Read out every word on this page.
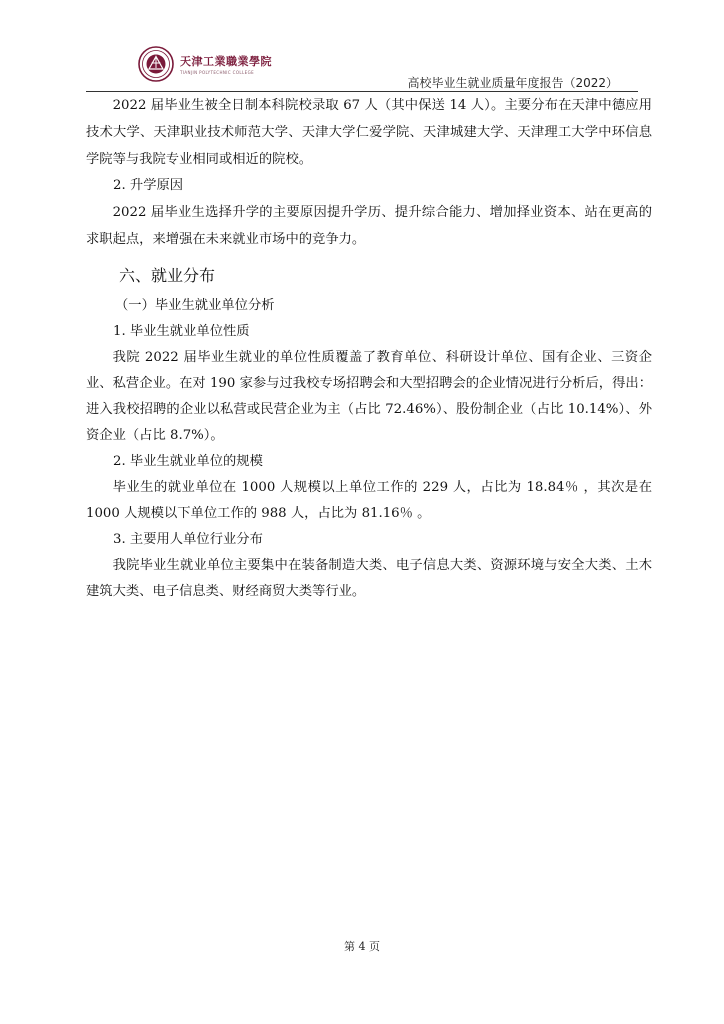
天津工業職業學院
TIANJIN POLYTECHNIC COLLEGE
高校毕业生就业质量年度报告（2022）

2022 届毕业生被全日制本科院校录取 67 人（其中保送 14 人）。主要分布在天津中德应用技术大学、天津职业技术师范大学、天津大学仁爱学院、天津城建大学、天津理工大学中环信息学院等与我院专业相同或相近的院校。

2. 升学原因

2022 届毕业生选择升学的主要原因提升学历、提升综合能力、增加择业资本、站在更高的求职起点，来增强在未来就业市场中的竞争力。

六、就业分布

（一）毕业生就业单位分析

1. 毕业生就业单位性质

我院 2022 届毕业生就业的单位性质覆盖了教育单位、科研设计单位、国有企业、三资企业、私营企业。在对 190 家参与过我校专场招聘会和大型招聘会的企业情况进行分析后，得出：进入我校招聘的企业以私营或民营企业为主（占比 72.46%）、股份制企业（占比 10.14%）、外资企业（占比 8.7%）。

2. 毕业生就业单位的规模

毕业生的就业单位在 1000 人规模以上单位工作的 229 人，占比为 18.84％ ，其次是在 1000 人规模以下单位工作的 988 人，占比为 81.16％ 。

3. 主要用人单位行业分布

我院毕业生就业单位主要集中在装备制造大类、电子信息大类、资源环境与安全大类、土木建筑大类、电子信息类、财经商贸大类等行业。

第 4 页
